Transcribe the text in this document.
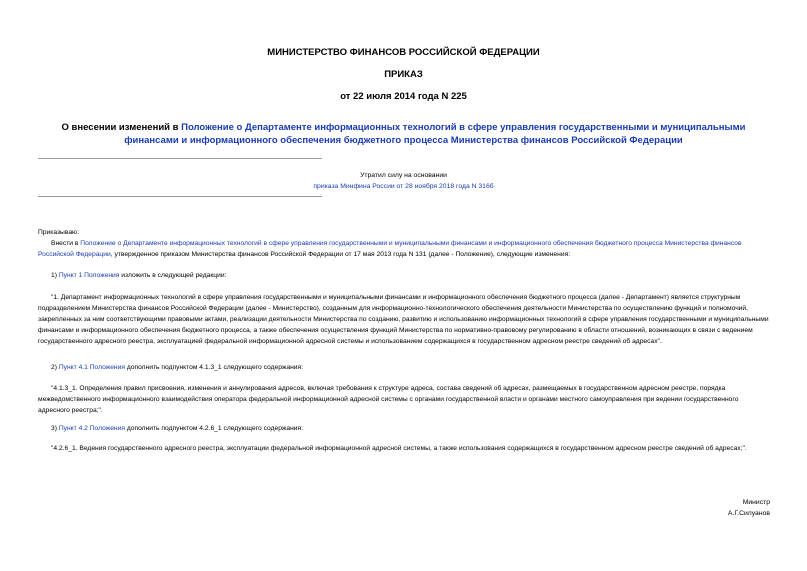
МИНИСТЕРСТВО ФИНАНСОВ РОССИЙСКОЙ ФЕДЕРАЦИИ
ПРИКАЗ
от 22 июля 2014 года N 225
О внесении изменений в Положение о Департаменте информационных технологий в сфере управления государственными и муниципальными финансами и информационного обеспечения бюджетного процесса Министерства финансов Российской Федерации
Утратил силу на основании
приказа Минфина России от 28 ноября 2018 года N 316б

Приказываю:

Внести в Положение о Департаменте информационных технологий в сфере управления государственными и муниципальными финансами и информационного обеспечения бюджетного процесса Министерства финансов Российской Федерации, утвержденное приказом Министерства финансов Российской Федерации от 17 мая 2013 года N 131 (далее - Положение), следующие изменения:

1) Пункт 1 Положения изложить в следующей редакции:

"1. Департамент информационных технологий в сфере управления государственными и муниципальными финансами и информационного обеспечения бюджетного процесса (далее - Департамент) является структурным подразделением Министерства финансов Российской Федерации (далее - Министерство), созданным для информационно-технологического обеспечения деятельности Министерства по осуществлению функций и полномочий, закрепленных за ним соответствующими правовыми актами, реализации деятельности Министерства по созданию, развитию и использованию информационных технологий в сфере управления государственными и муниципальными финансами и информационного обеспечения бюджетного процесса, а также обеспечения осуществления функций Министерства по нормативно-правовому регулированию в области отношений, возникающих в связи с ведением государственного адресного реестра, эксплуатацией федеральной информационной адресной системы и использованием содержащихся в государственном адресном реестре сведений об адресах".

2) Пункт 4.1 Положения дополнить подпунктом 4.1.3_1 следующего содержания:

"4.1.3_1. Определения правил присвоения, изменения и аннулирования адресов, включая требования к структуре адреса, состава сведений об адресах, размещаемых в государственном адресном реестре, порядка межведомственного информационного взаимодействия оператора федеральной информационной адресной системы с органами государственной власти и органами местного самоуправления при ведении государственного адресного реестра;".

3) Пункт 4.2 Положения дополнить подпунктом 4.2.6_1 следующего содержания:

"4.2.6_1. Ведения государственного адресного реестра, эксплуатации федеральной информационной адресной системы, а также использования содержащихся в государственном адресном реестре сведений об адресах;".

Министр
А.Г.Силуанов
